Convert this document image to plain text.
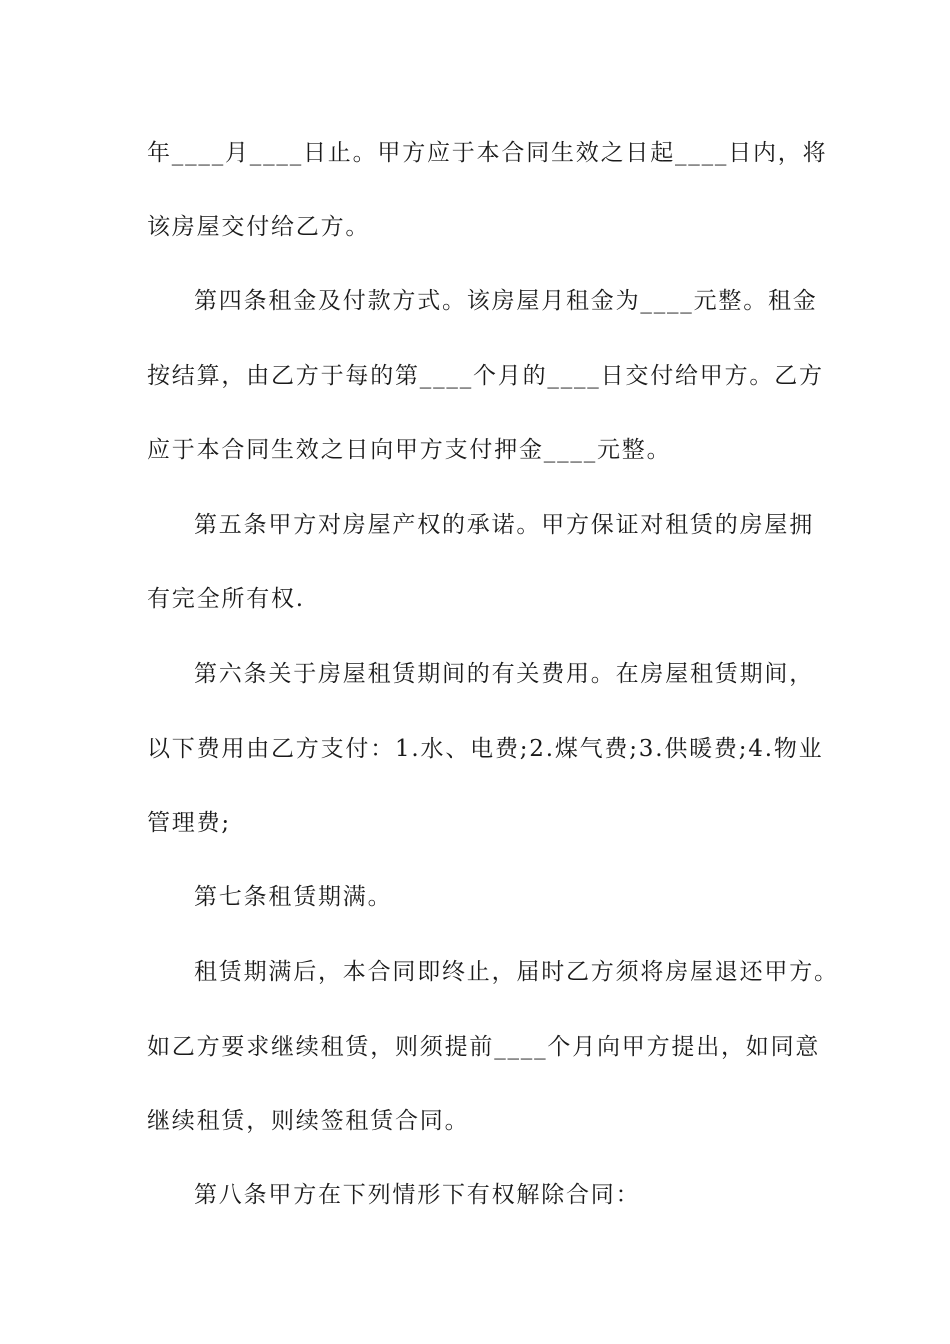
年____月____日止。甲方应于本合同生效之日起____日内，将
该房屋交付给乙方。
第四条租金及付款方式。该房屋月租金为____元整。租金
按结算，由乙方于每的第____个月的____日交付给甲方。乙方
应于本合同生效之日向甲方支付押金____元整。
第五条甲方对房屋产权的承诺。甲方保证对租赁的房屋拥
有完全所有权.
第六条关于房屋租赁期间的有关费用。在房屋租赁期间，
以下费用由乙方支付：1.水、电费;2.煤气费;3.供暖费;4.物业
管理费;
第七条租赁期满。
租赁期满后，本合同即终止，届时乙方须将房屋退还甲方。
如乙方要求继续租赁，则须提前____个月向甲方提出，如同意
继续租赁，则续签租赁合同。
第八条甲方在下列情形下有权解除合同：
